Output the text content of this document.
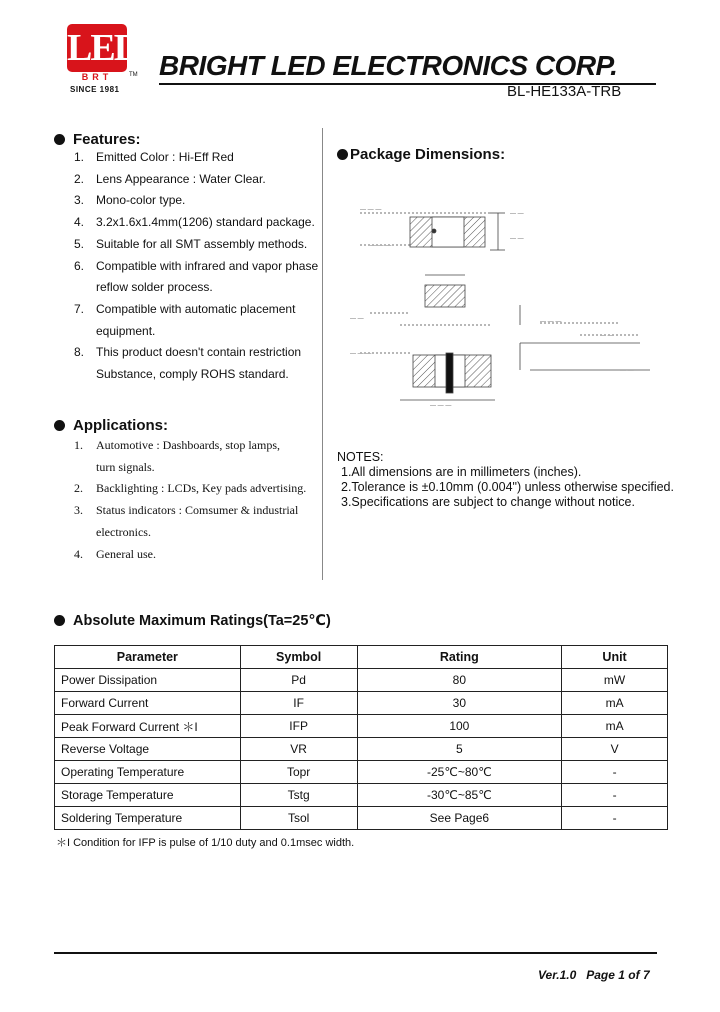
LED
BRT	TM
SINCE 1981
BRIGHT LED ELECTRONICS CORP.
BL-HE133A-TRB
Features:
1. Emitted Color : Hi-Eff Red
2. Lens Appearance : Water Clear.
3. Mono-color type.
4. 3.2x1.6x1.4mm(1206) standard package.
5. Suitable for all SMT assembly methods.
6. Compatible with infrared and vapor phase
reflow solder process.
7. Compatible with automatic placement
equipment.
8. This product doesn't contain restriction
Substance, comply ROHS standard.
Applications:
1. Automotive : Dashboards, stop lamps,
turn signals.
2. Backlighting : LCDs, Key pads advertising.
3. Status indicators : Comsumer & industrial
electronics.
4. General use.
Package Dimensions:
— — —
— —
— —
— — —
— —
— — —
— — —
— —
— —
— — —
NOTES:
1.All dimensions are in millimeters (inches).
2.Tolerance is ±0.10mm (0.004") unless otherwise specified.
3.Specifications are subject to change without notice.
Absolute Maximum Ratings(Ta=25℃)
Parameter	Symbol	Rating	Unit
Power Dissipation	Pd	80	mW
Forward Current	IF	30	mA
Peak Forward Current ＊I	IFP	100	mA
Reverse Voltage	VR	5	V
Operating Temperature	Topr	-25℃~80℃	-
Storage Temperature	Tstg	-30℃~85℃	-
Soldering Temperature	Tsol	See Page6	-
＊I Condition for IFP is pulse of 1/10 duty and 0.1msec width.
Ver.1.0   Page 1 of 7
